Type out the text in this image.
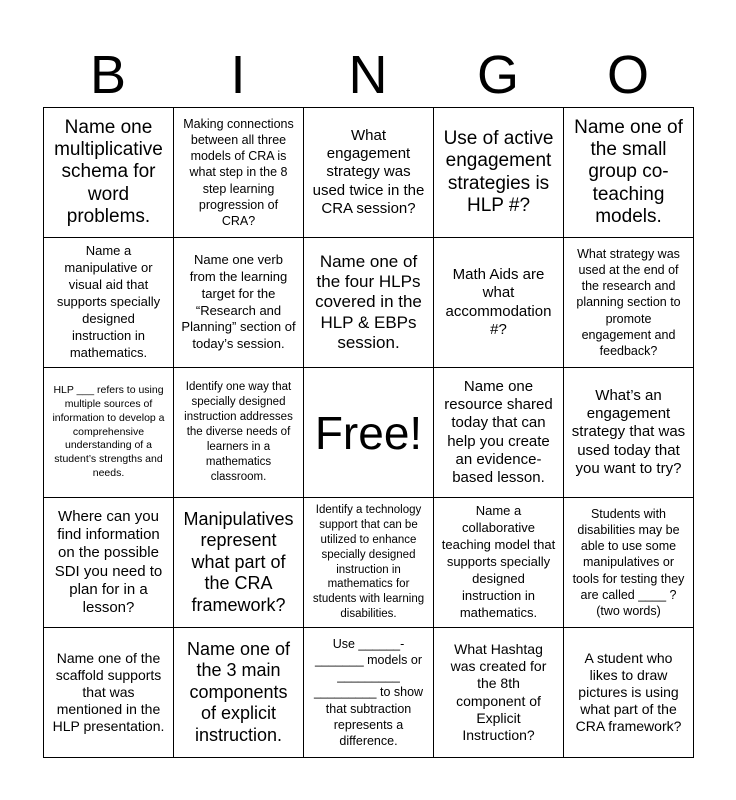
B	I	N	G	O
Name one multiplicative schema for word problems.
Making connections between all three models of CRA is what step in the 8 step learning progression of CRA?
What engagement strategy was used twice in the CRA session?
Use of active engagement strategies is HLP #?
Name one of the small group co-teaching models.
Name a manipulative or visual aid that supports specially designed instruction in mathematics.
Name one verb from the learning target for the “Research and Planning” section of today’s session.
Name one of the four HLPs covered in the HLP & EBPs session.
Math Aids are what accommodation #?
What strategy was used at the end of the research and planning section to promote engagement and feedback?
HLP ___ refers to using multiple sources of information to develop a comprehensive understanding of a student’s strengths and needs.
Identify one way that specially designed instruction addresses the diverse needs of learners in a mathematics classroom.
Free!
Name one resource shared today that can help you create an evidence-based lesson.
What’s an engagement strategy that was used today that you want to try?
Where can you find information on the possible SDI you need to plan for in a lesson?
Manipulatives represent what part of the CRA framework?
Identify a technology support that can be utilized to enhance specially designed instruction in mathematics for students with learning disabilities.
Name a collaborative teaching model that supports specially designed instruction in mathematics.
Students with disabilities may be able to use some manipulatives or tools for testing they are called ____ ? (two words)
Name one of the scaffold supports that was mentioned in the HLP presentation.
Name one of the 3 main components of explicit instruction.
Use ______-_______ models or _________ _________ to show that subtraction represents a difference.
What Hashtag was created for the 8th component of Explicit Instruction?
A student who likes to draw pictures is using what part of the CRA framework?
